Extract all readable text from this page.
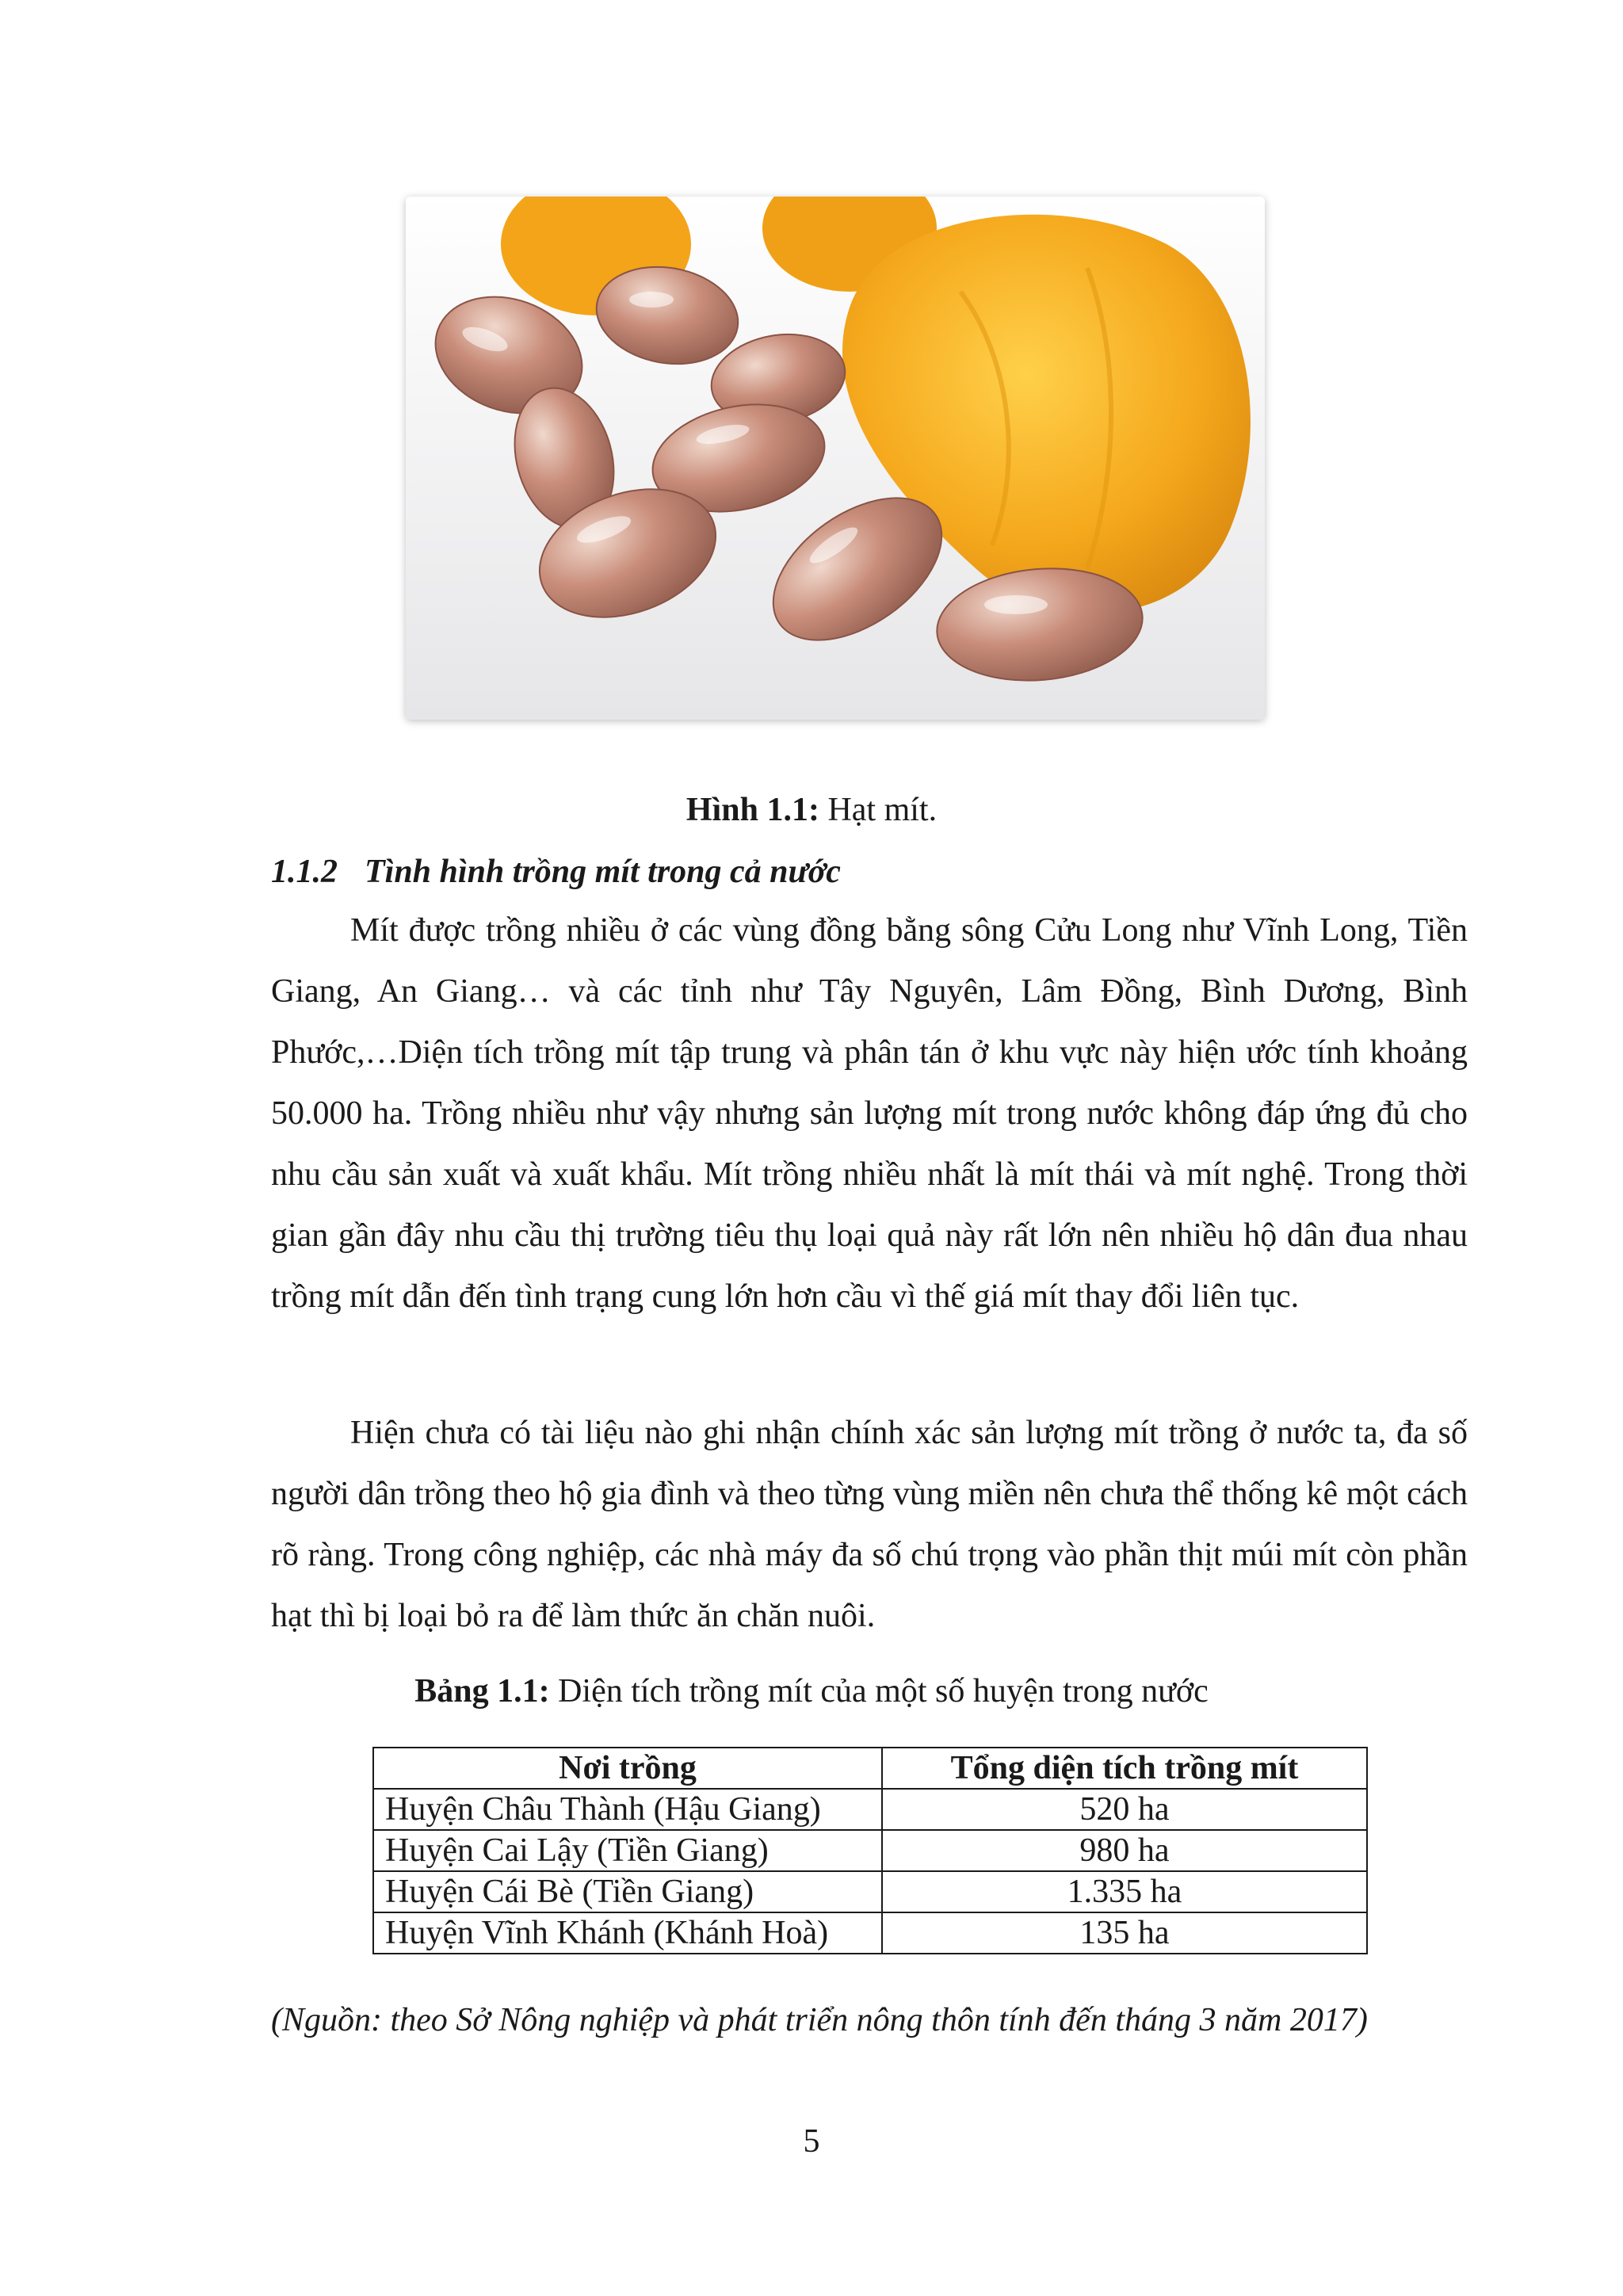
Hình 1.1: Hạt mít.
1.1.2 Tình hình trồng mít trong cả nước

Mít được trồng nhiều ở các vùng đồng bằng sông Cửu Long như Vĩnh Long, Tiền Giang, An Giang… và các tỉnh như Tây Nguyên, Lâm Đồng, Bình Dương, Bình Phước,…Diện tích trồng mít tập trung và phân tán ở khu vực này hiện ước tính khoảng 50.000 ha. Trồng nhiều như vậy nhưng sản lượng mít trong nước không đáp ứng đủ cho nhu cầu sản xuất và xuất khẩu. Mít trồng nhiều nhất là mít thái và mít nghệ. Trong thời gian gần đây nhu cầu thị trường tiêu thụ loại quả này rất lớn nên nhiều hộ dân đua nhau trồng mít dẫn đến tình trạng cung lớn hơn cầu vì thế giá mít thay đổi liên tục.

Hiện chưa có tài liệu nào ghi nhận chính xác sản lượng mít trồng ở nước ta, đa số người dân trồng theo hộ gia đình và theo từng vùng miền nên chưa thể thống kê một cách rõ ràng. Trong công nghiệp, các nhà máy đa số chú trọng vào phần thịt múi mít còn phần hạt thì bị loại bỏ ra để làm thức ăn chăn nuôi.

Bảng 1.1: Diện tích trồng mít của một số huyện trong nước
Nơi trồng	Tổng diện tích trồng mít
Huyện Châu Thành (Hậu Giang)	520 ha
Huyện Cai Lậy (Tiền Giang)	980 ha
Huyện Cái Bè (Tiền Giang)	1.335 ha
Huyện Vĩnh Khánh (Khánh Hoà)	135 ha
(Nguồn: theo Sở Nông nghiệp và phát triển nông thôn tính đến tháng 3 năm 2017)
5
